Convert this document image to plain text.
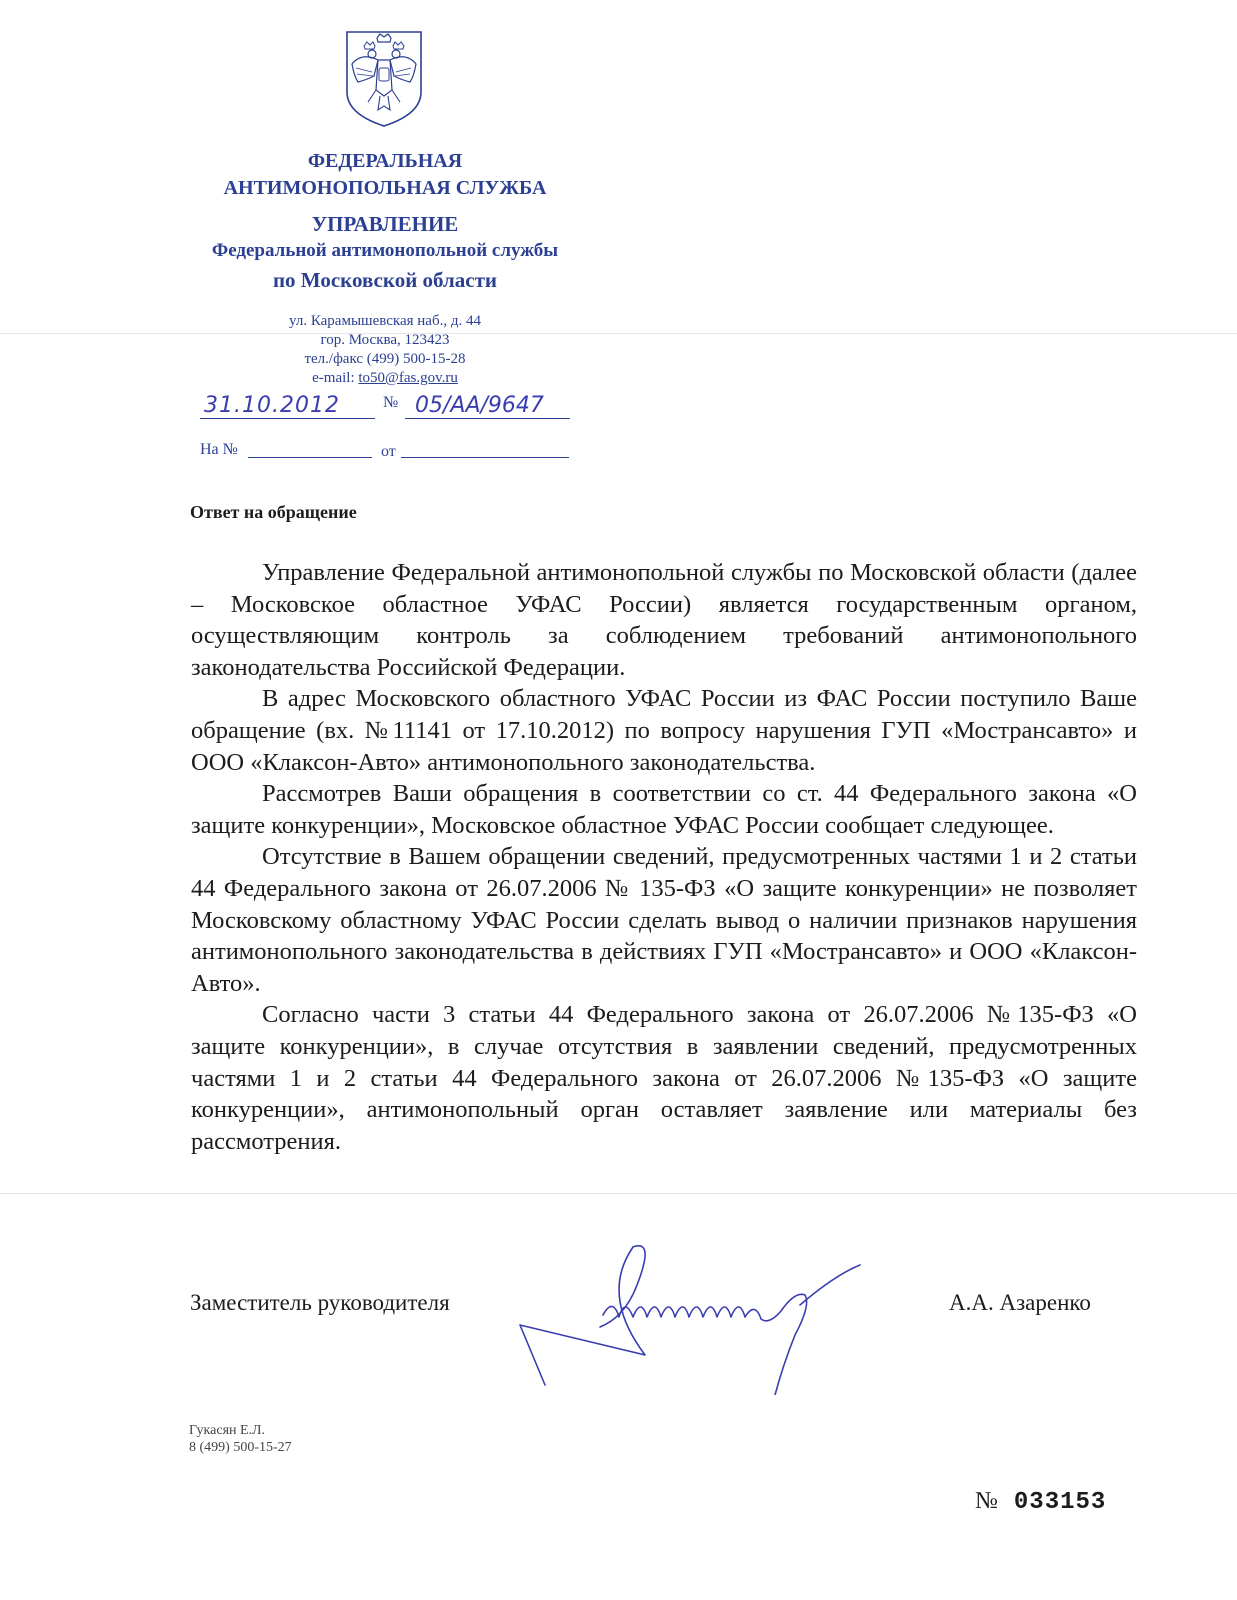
ФЕДЕРАЛЬНАЯ
АНТИМОНОПОЛЬНАЯ СЛУЖБА
УПРАВЛЕНИЕ
Федеральной антимонопольной службы
по Московской области
ул. Карамышевская наб., д. 44
гор. Москва, 123423
тел./факс (499) 500-15-28
e-mail: to50@fas.gov.ru
31.10.2012	№ 05/АА/9647
На №	от
Ответ на обращение

Управление Федеральной антимонопольной службы по Московской области (далее – Московское областное УФАС России) является государственным органом, осуществляющим контроль за соблюдением требований антимонопольного законодательства Российской Федерации.

В адрес Московского областного УФАС России из ФАС России поступило Ваше обращение (вх. №11141 от 17.10.2012) по вопросу нарушения ГУП «Мострансавто» и ООО «Клаксон-Авто» антимонопольного законодательства.

Рассмотрев Ваши обращения в соответствии со ст. 44 Федерального закона «О защите конкуренции», Московское областное УФАС России сообщает следующее.

Отсутствие в Вашем обращении сведений, предусмотренных частями 1 и 2 статьи 44 Федерального закона от 26.07.2006 № 135-ФЗ «О защите конкуренции» не позволяет Московскому областному УФАС России сделать вывод о наличии признаков нарушения антимонопольного законодательства в действиях ГУП «Мострансавто» и ООО «Клаксон-Авто».

Согласно части 3 статьи 44 Федерального закона от 26.07.2006 №135-ФЗ «О защите конкуренции», в случае отсутствия в заявлении сведений, предусмотренных частями 1 и 2 статьи 44 Федерального закона от 26.07.2006 №135-ФЗ «О защите конкуренции», антимонопольный орган оставляет заявление или материалы без рассмотрения.

Заместитель руководителя	А.А. Азаренко
Гукасян Е.Л.
8 (499) 500-15-27
№ 033153
